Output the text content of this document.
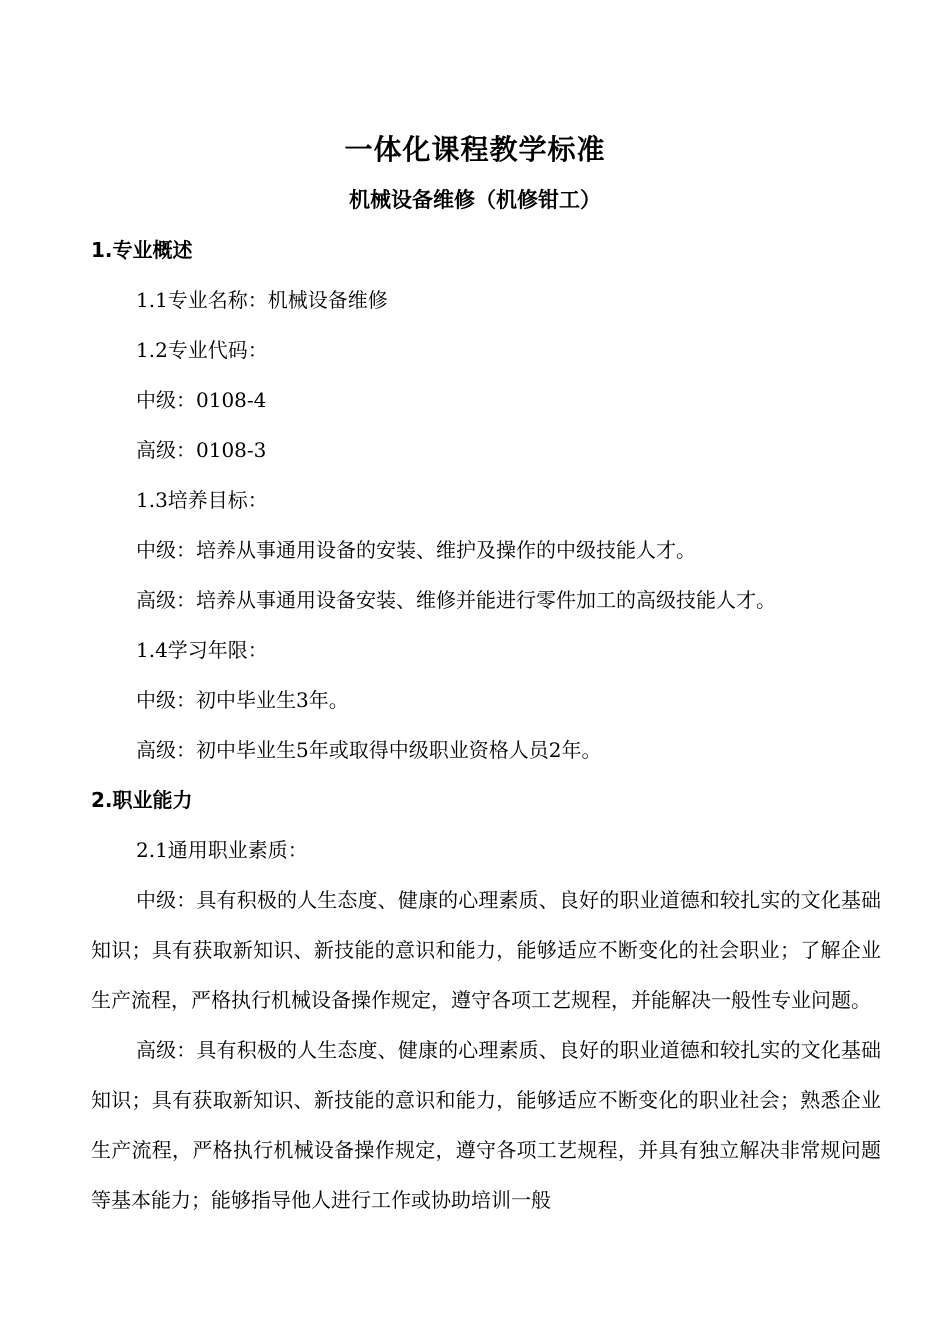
一体化课程教学标准
机械设备维修（机修钳工）
1.专业概述
1.1专业名称：机械设备维修
1.2专业代码：
中级：0108-4
高级：0108-3
1.3培养目标：
中级：培养从事通用设备的安装、维护及操作的中级技能人才。
高级：培养从事通用设备安装、维修并能进行零件加工的高级技能人才。
1.4学习年限：
中级：初中毕业生3年。
高级：初中毕业生5年或取得中级职业资格人员2年。
2.职业能力
2.1通用职业素质：
中级：具有积极的人生态度、健康的心理素质、良好的职业道德和较扎实的文化基础知识；具有获取新知识、新技能的意识和能力，能够适应不断变化的社会职业；了解企业生产流程，严格执行机械设备操作规定，遵守各项工艺规程，并能解决一般性专业问题。
高级：具有积极的人生态度、健康的心理素质、良好的职业道德和较扎实的文化基础知识；具有获取新知识、新技能的意识和能力，能够适应不断变化的职业社会；熟悉企业生产流程，严格执行机械设备操作规定，遵守各项工艺规程，并具有独立解决非常规问题等基本能力；能够指导他人进行工作或协助培训一般
